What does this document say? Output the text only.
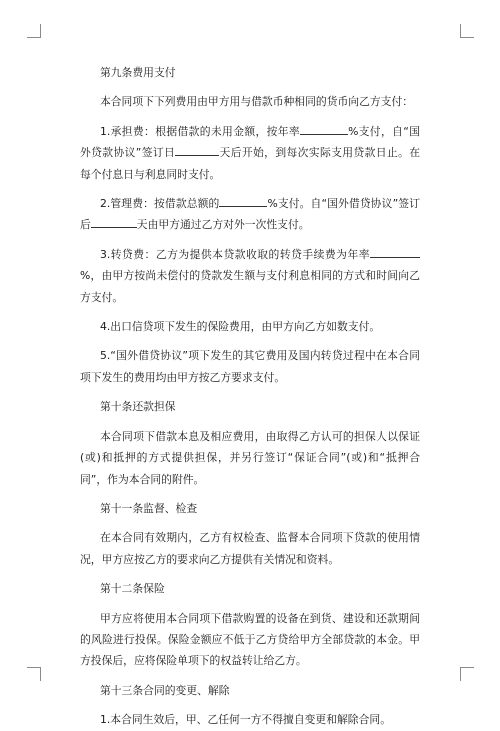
第九条费用支付

本合同项下下列费用由甲方用与借款币种相同的货币向乙方支付：

1.承担费：根据借款的未用金额，按年率	%支付，自“国外贷款协议”签订日	天后开始，到每次实际支用贷款日止。在每个付息日与利息同时支付。

2.管理费：按借款总额的	%支付。自“国外借贷协议”签订后	天由甲方通过乙方对外一次性支付。

3.转贷费：乙方为提供本贷款收取的转贷手续费为年率%，由甲方按尚未偿付的贷款发生额与支付利息相同的方式和时间向乙方支付。

4.出口信贷项下发生的保险费用，由甲方向乙方如数支付。

5.“国外借贷协议”项下发生的其它费用及国内转贷过程中在本合同项下发生的费用均由甲方按乙方要求支付。

第十条还款担保

本合同项下借款本息及相应费用，由取得乙方认可的担保人以保证(或)和抵押的方式提供担保，并另行签订“保证合同”(或)和“抵押合同”，作为本合同的附件。

第十一条监督、检查

在本合同有效期内，乙方有权检查、监督本合同项下贷款的使用情况，甲方应按乙方的要求向乙方提供有关情况和资料。

第十二条保险

甲方应将使用本合同项下借款购置的设备在到货、建设和还款期间的风险进行投保。保险金额应不低于乙方贷给甲方全部贷款的本金。甲方投保后，应将保险单项下的权益转让给乙方。

第十三条合同的变更、解除

1.本合同生效后，甲、乙任何一方不得擅自变更和解除合同。
